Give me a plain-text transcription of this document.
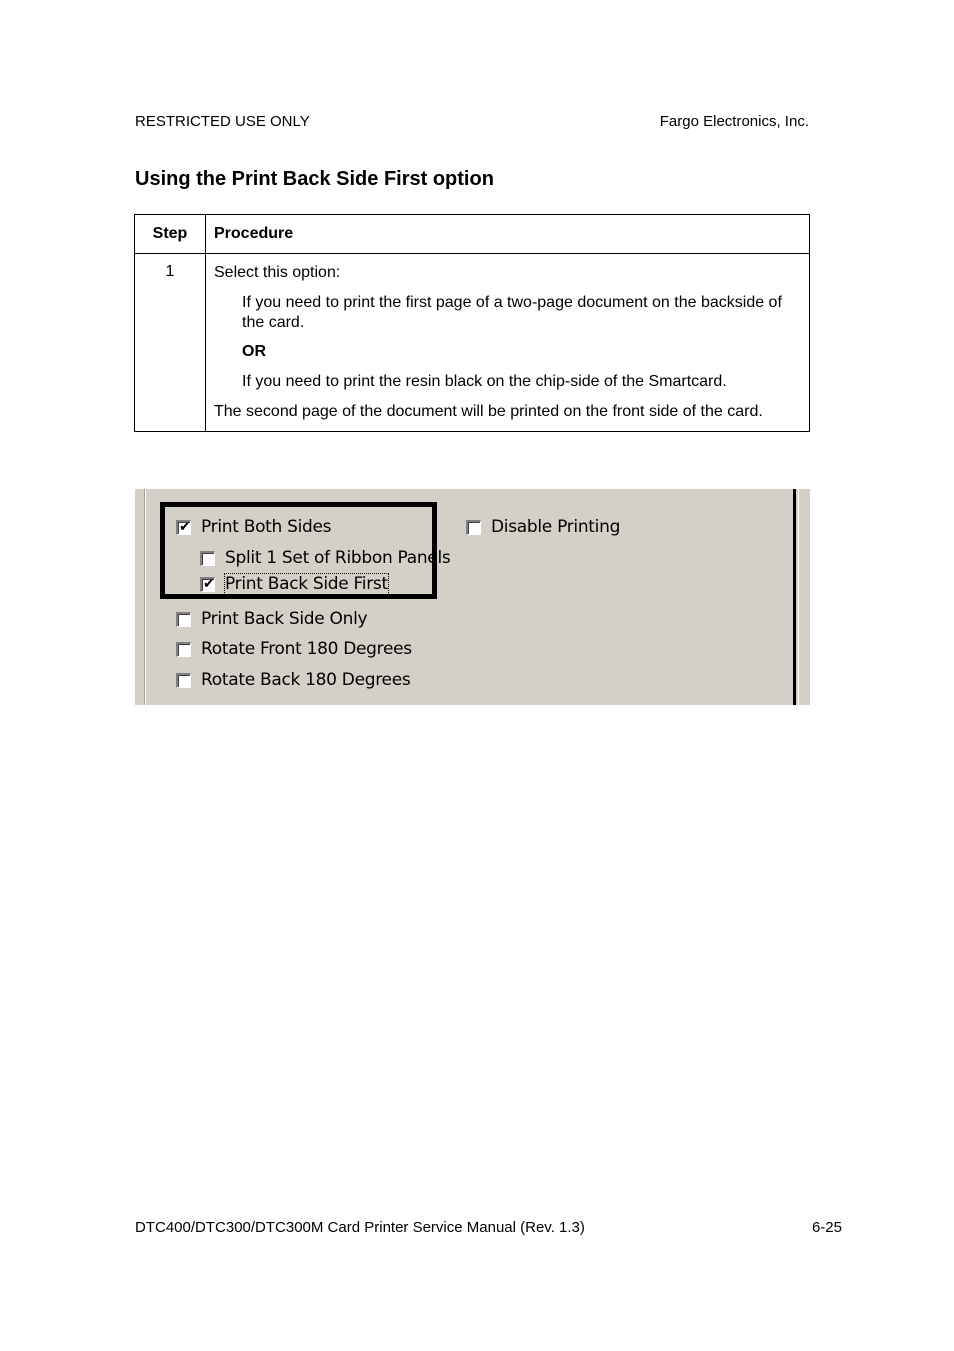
RESTRICTED USE ONLY	Fargo Electronics, Inc.
Using the Print Back Side First option
Step	Procedure
1	Select this option:

If you need to print the first page of a two-page document on the backside of the card.

OR

If you need to print the resin black on the chip-side of the Smartcard.

The second page of the document will be printed on the front side of the card.

✔ Print Both Sides
Split 1 Set of Ribbon Panels
✔ Print Back Side First
Print Back Side Only
Rotate Front 180 Degrees
Rotate Back 180 Degrees
Disable Printing
DTC400/DTC300/DTC300M Card Printer Service Manual (Rev. 1.3)	6-25
